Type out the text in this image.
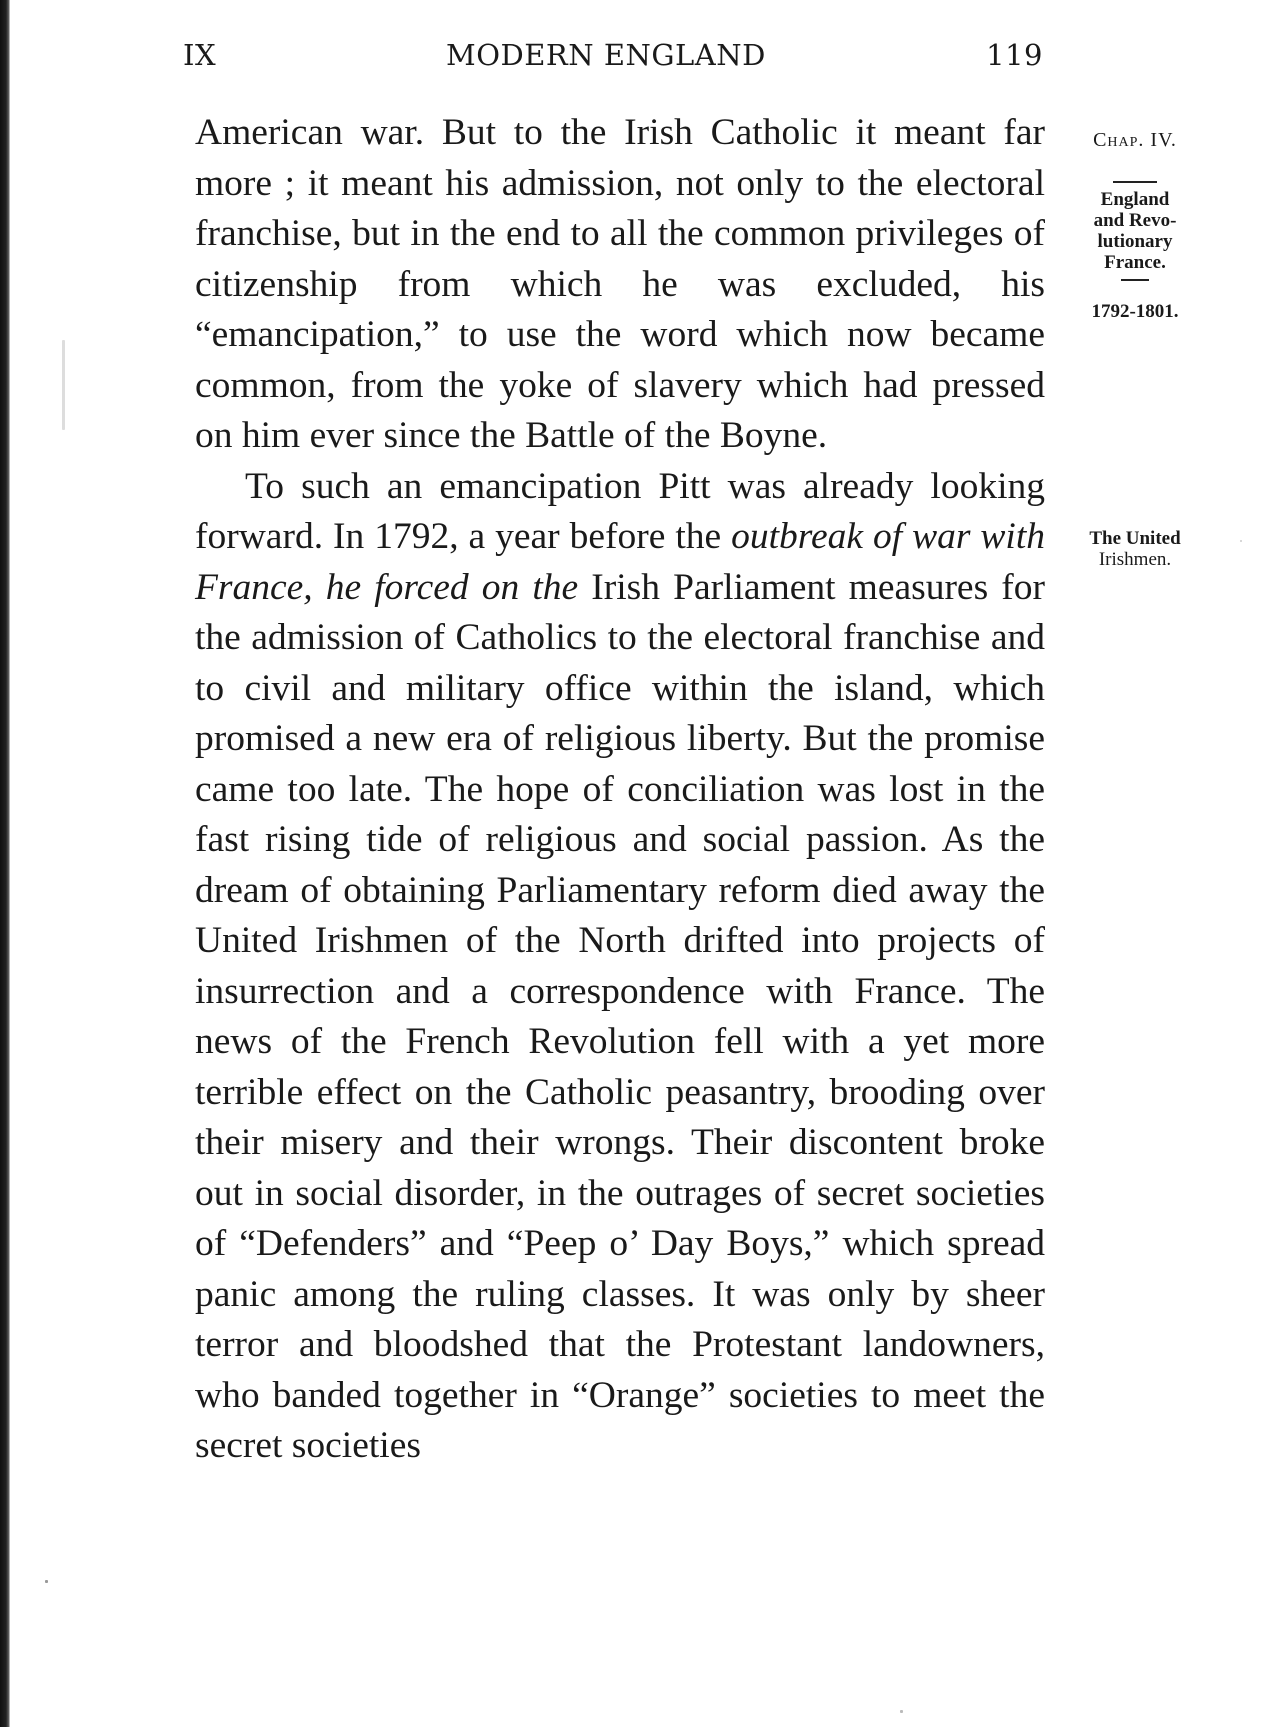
IX	MODERN ENGLAND	119

American war. But to the Irish Catholic it meant far more ; it meant his admission, not only to the electoral franchise, but in the end to all the common privileges of citizenship from which he was excluded, his “emancipation,” to use the word which now became common, from the yoke of slavery which had pressed on him ever since the Battle of the Boyne.

To such an emancipation Pitt was already looking forward. In 1792, a year before the outbreak of war with France, he forced on the Irish Parliament measures for the admission of Catholics to the electoral franchise and to civil and military office within the island, which promised a new era of religious liberty. But the promise came too late. The hope of conciliation was lost in the fast rising tide of religious and social passion. As the dream of obtaining Parliamentary reform died away the United Irishmen of the North drifted into projects of insurrection and a correspondence with France. The news of the French Revolution fell with a yet more terrible effect on the Catholic peasantry, brooding over their misery and their wrongs. Their discontent broke out in social disorder, in the outrages of secret societies of “Defenders” and “Peep o’ Day Boys,” which spread panic among the ruling classes. It was only by sheer terror and bloodshed that the Protestant landowners, who banded together in “Orange” societies to meet the secret societies

Chap. IV.
England
and Revo-
lutionary
France.
1792-1801.
The United
Irishmen.
